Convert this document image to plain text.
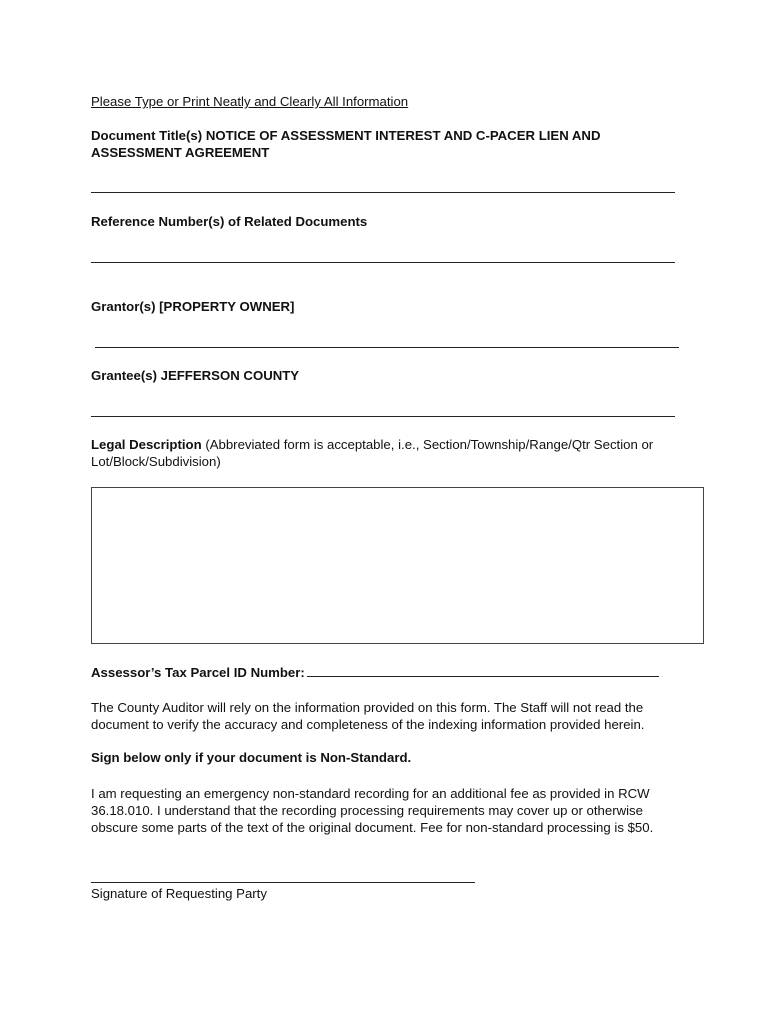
Please Type or Print Neatly and Clearly All Information
Document Title(s) NOTICE OF ASSESSMENT INTEREST AND C-PACER LIEN AND ASSESSMENT AGREEMENT
Reference Number(s) of Related Documents
Grantor(s) [PROPERTY OWNER]
Grantee(s) JEFFERSON COUNTY
Legal Description (Abbreviated form is acceptable, i.e., Section/Township/Range/Qtr Section or Lot/Block/Subdivision)
Assessor’s Tax Parcel ID Number:
The County Auditor will rely on the information provided on this form. The Staff will not read the document to verify the accuracy and completeness of the indexing information provided herein.
Sign below only if your document is Non-Standard.
I am requesting an emergency non-standard recording for an additional fee as provided in RCW 36.18.010. I understand that the recording processing requirements may cover up or otherwise obscure some parts of the text of the original document. Fee for non-standard processing is $50.
Signature of Requesting Party
